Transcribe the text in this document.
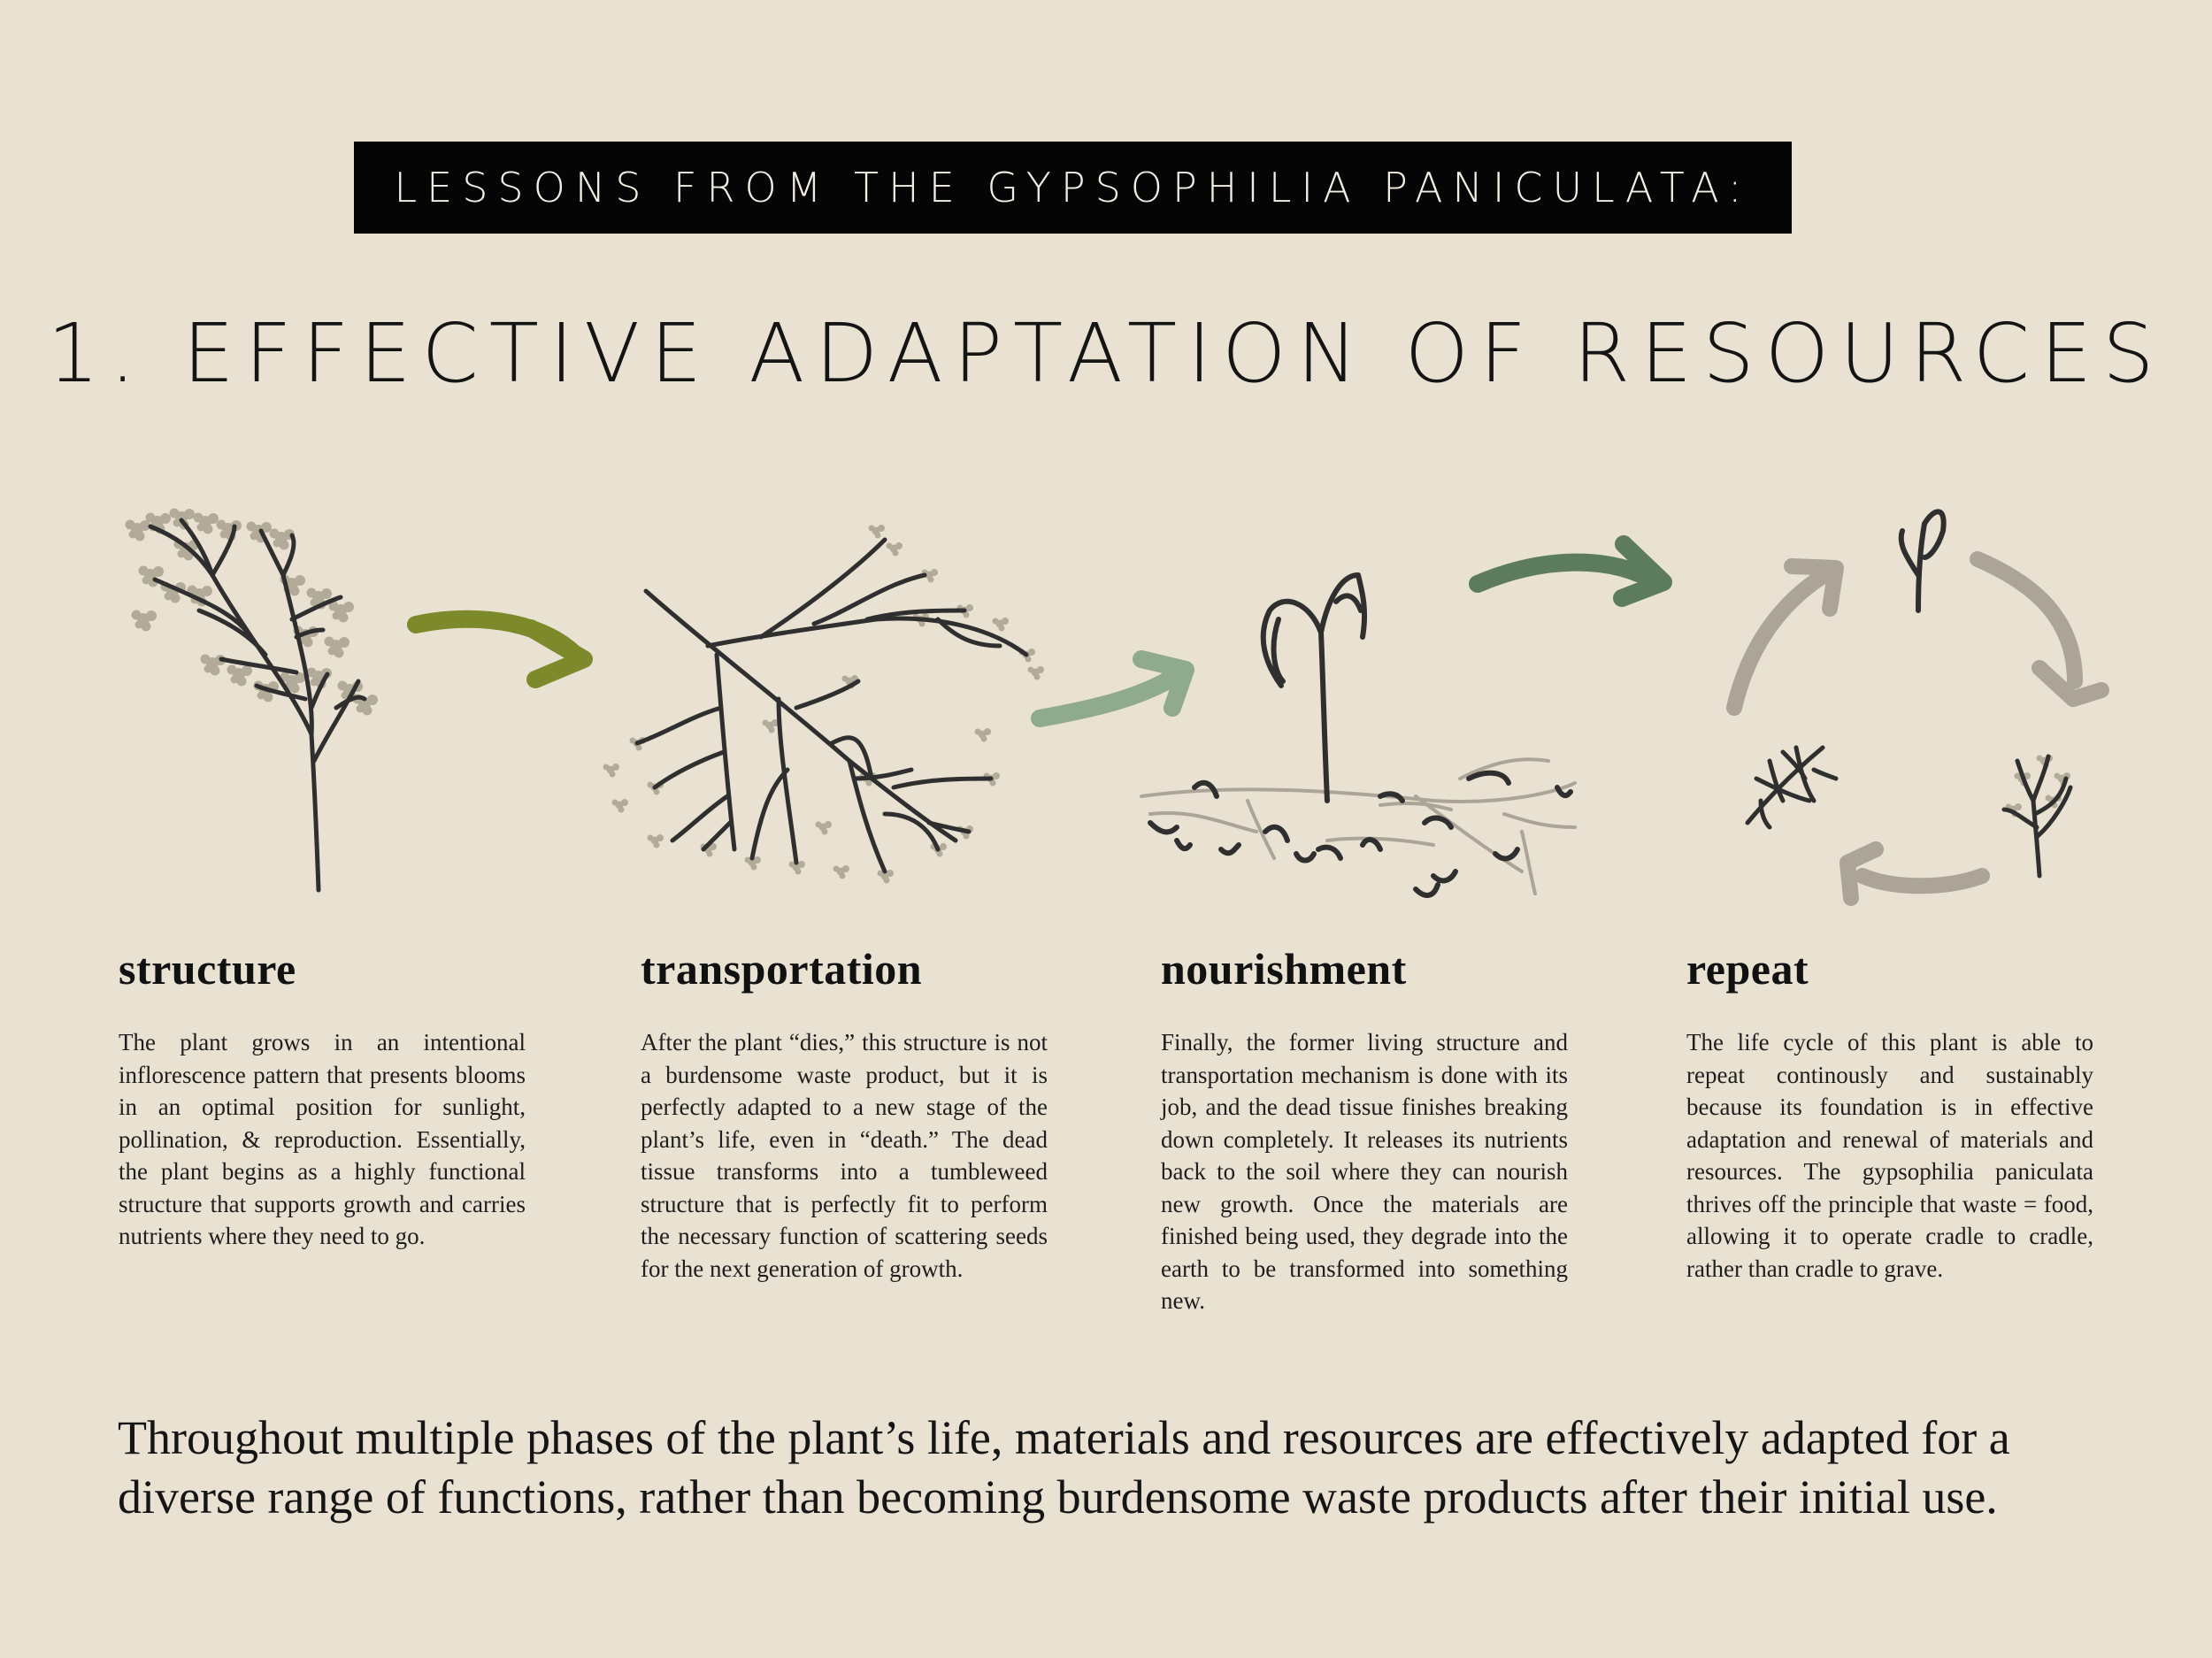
LESSONS FROM THE GYPSOPHILIA PANICULATA:
1. EFFECTIVE ADAPTATION OF RESOURCES
structure

The plant grows in an intentional inflorescence pattern that presents blooms in an optimal position for sunlight, pollination, & reproduction. Essentially, the plant begins as a highly functional structure that supports growth and carries nutrients where they need to go.

transportation

After the plant “dies,” this structure is not a burdensome waste product, but it is perfectly adapted to a new stage of the plant’s life, even in “death.” The dead tissue transforms into a tumbleweed structure that is perfectly fit to perform the necessary function of scattering seeds for the next generation of growth.

nourishment

Finally, the former living structure and transportation mechanism is done with its job, and the dead tissue finishes breaking down completely. It releases its nutrients back to the soil where they can nourish new growth. Once the materials are finished being used, they degrade into the earth to be transformed into something new.

repeat

The life cycle of this plant is able to repeat continously and sustainably because its foundation is in effective adaptation and renewal of materials and resources. The gypsophilia paniculata thrives off the principle that waste = food, allowing it to operate cradle to cradle, rather than cradle to grave.

Throughout multiple phases of the plant’s life, materials and resources are effectively adapted for a diverse range of functions, rather than becoming burdensome waste products after their initial use.
